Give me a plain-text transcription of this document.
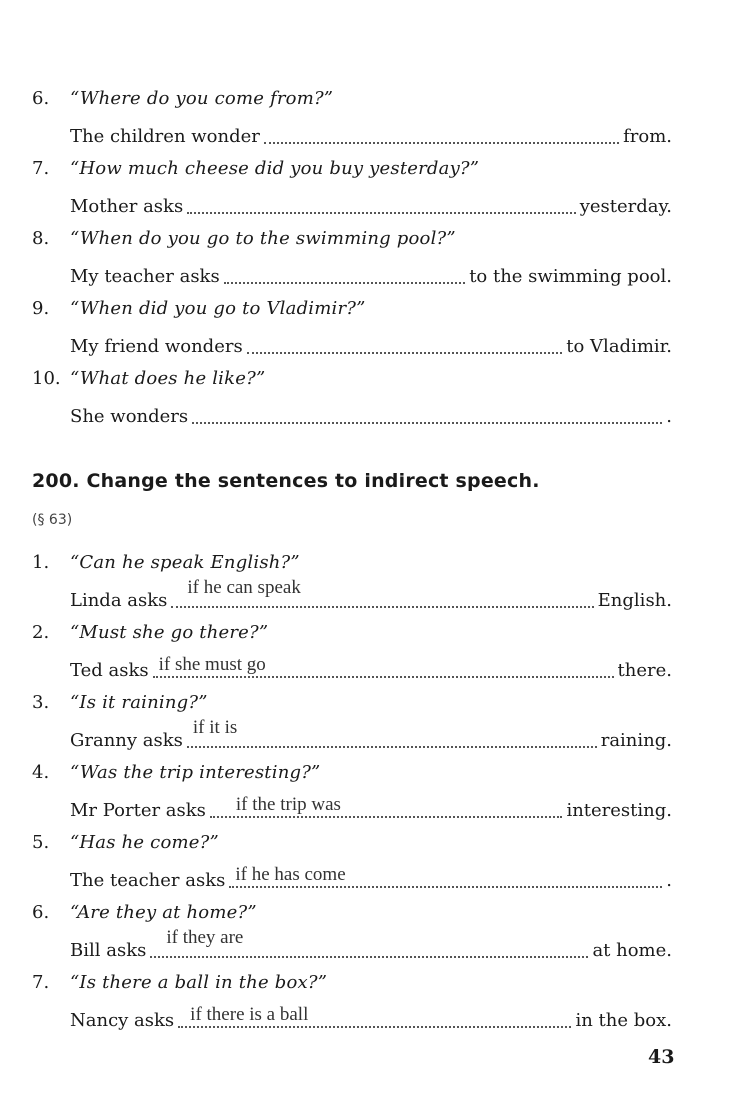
6.	“Where do you come from?”
The children wonder	from.
7.	“How much cheese did you buy yesterday?”
Mother asks	yesterday.
8.	“When do you go to the swimming pool?”
My teacher asks	to the swimming pool.
9.	“When did you go to Vladimir?”
My friend wonders	to Vladimir.
10. “What does he like?”
She wonders	.
200. Change the sentences to indirect speech.
(§ 63)
1.	“Can he speak English?”
Linda asks
if he can speak
English.
2.	“Must she go there?”
Ted asks if she must go	there.
3.	“Is it raining?”
Granny asks
if it is
raining.
4.	“Was the trip interesting?”
Mr Porter asks if the trip was	interesting.
5.	“Has he come?”
The teacher asks if he has come	.
6.	“Are they at home?”
Bill asks
if they are
at home.
7.	“Is there a ball in the box?”
Nancy asks if there is a ball	in the box.
43
